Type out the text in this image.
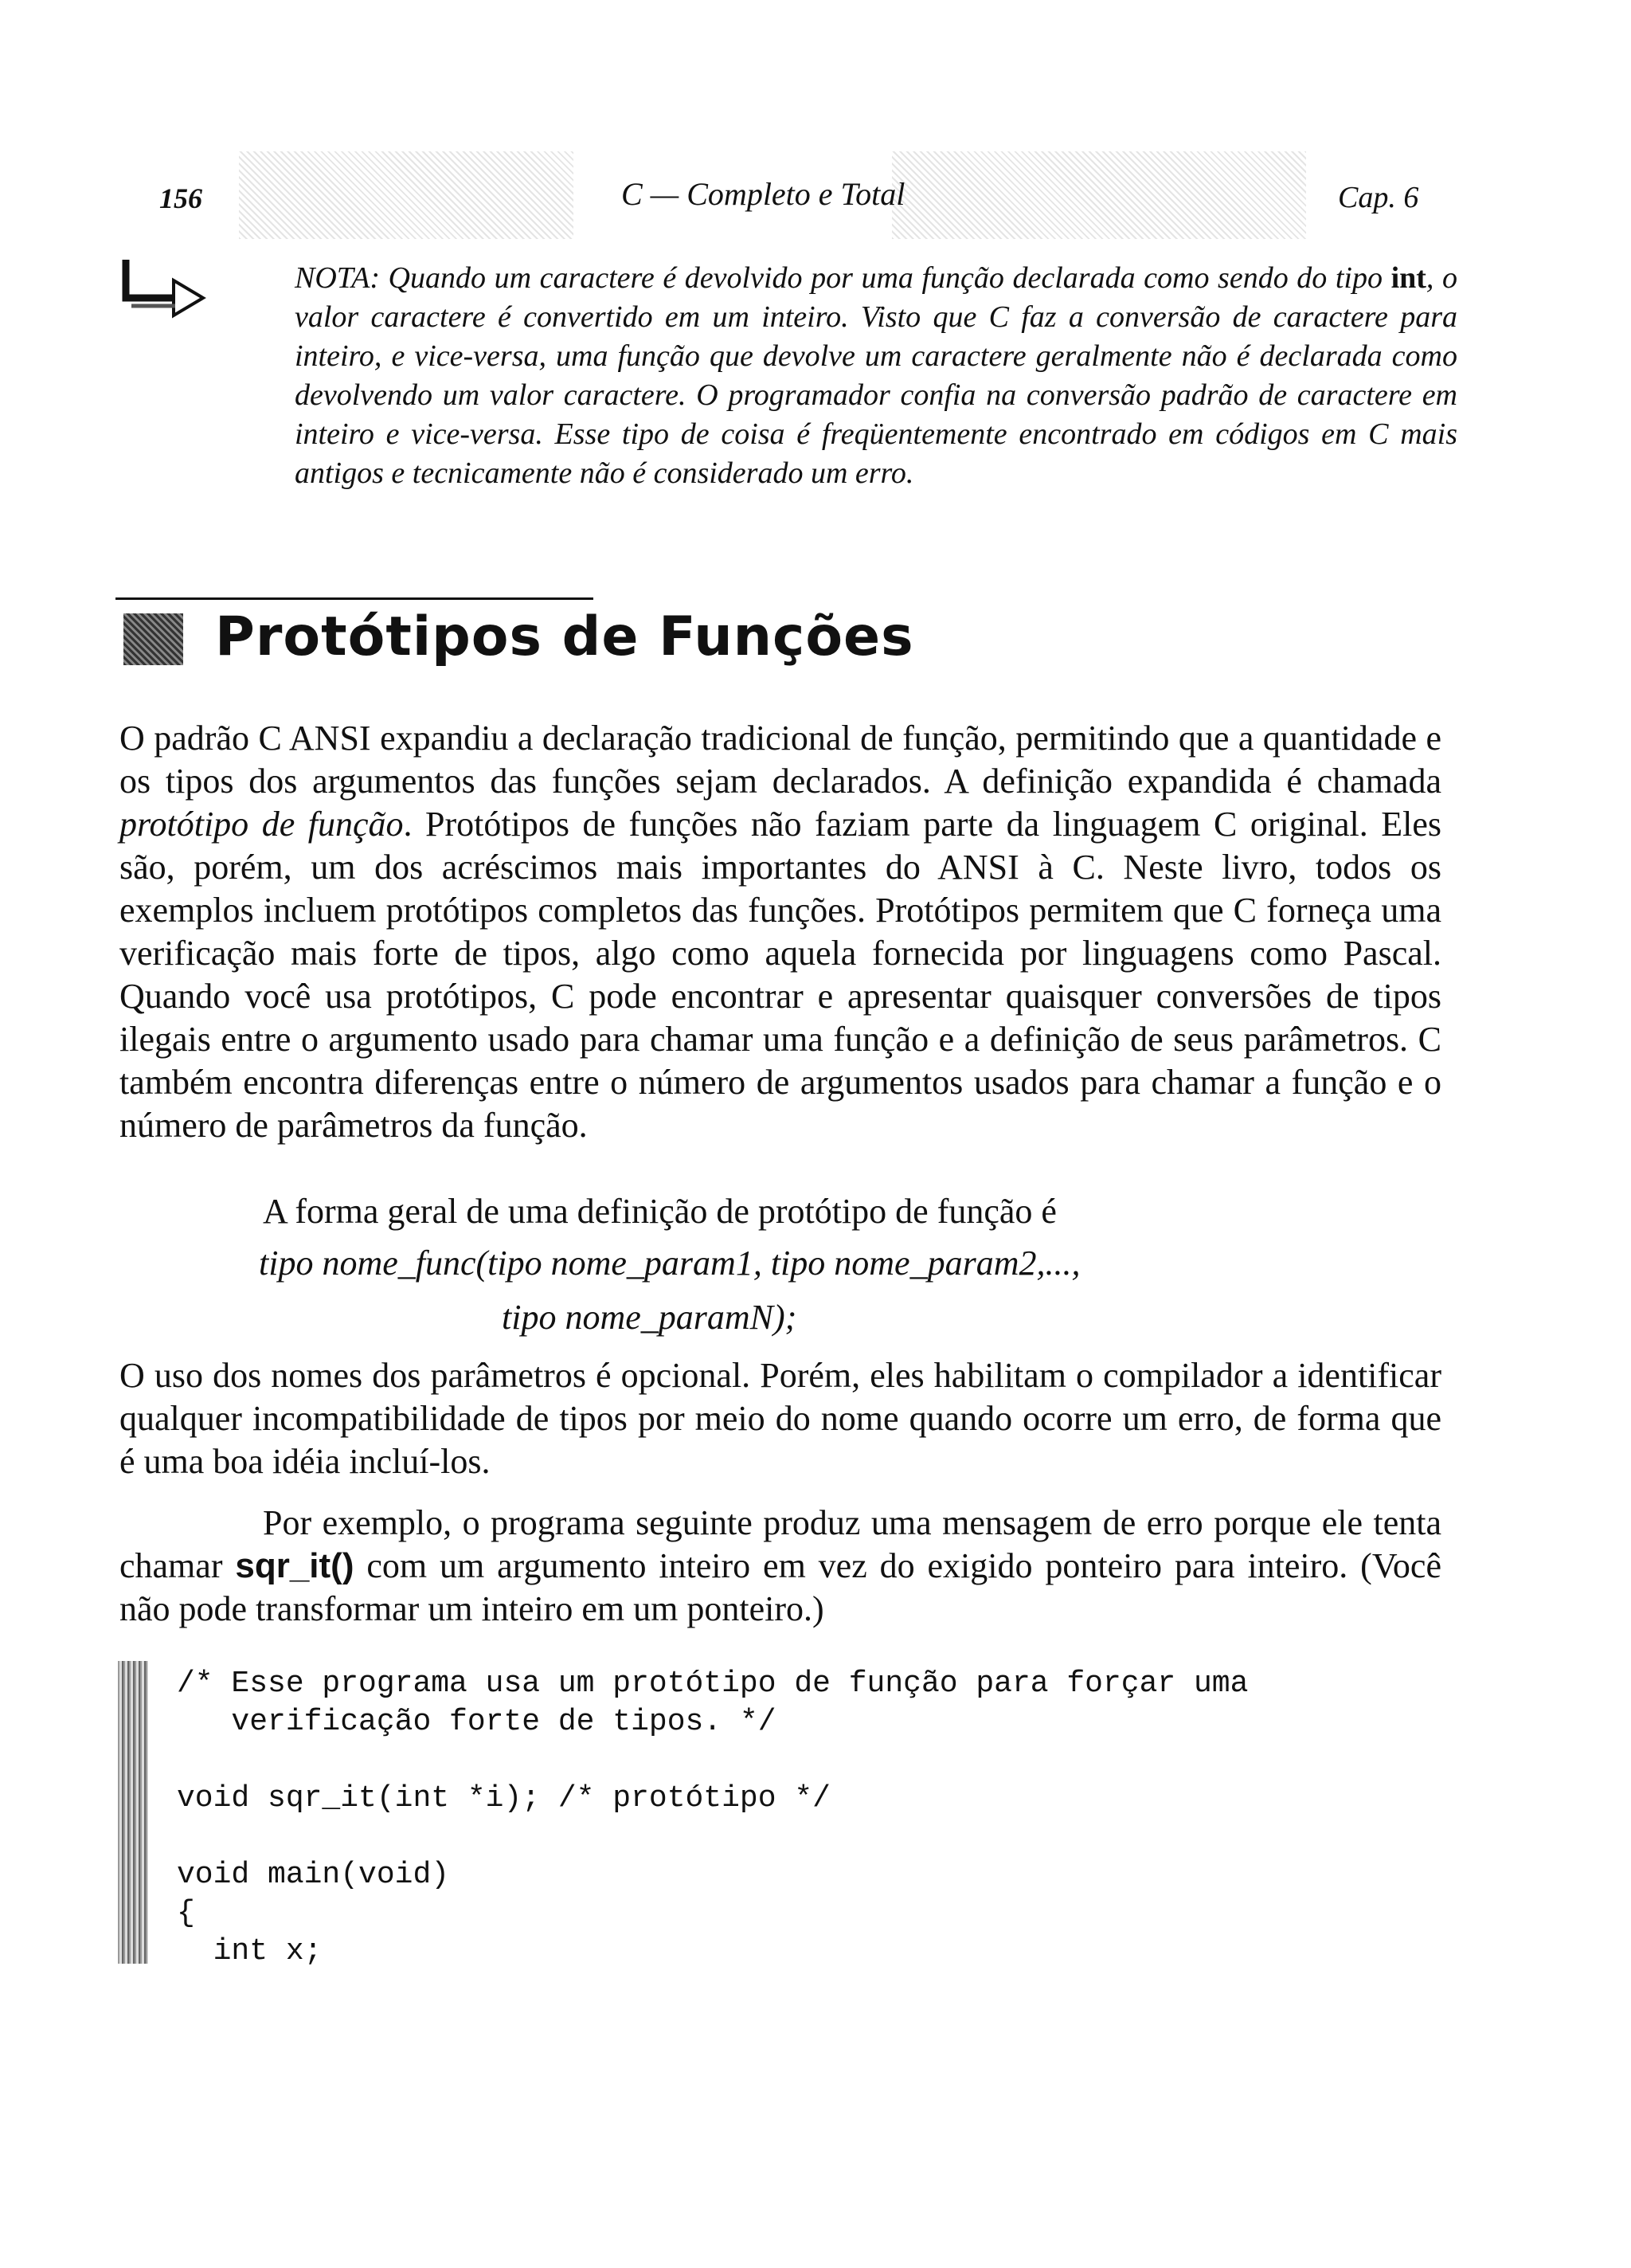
156	C — Completo e Total	Cap. 6
NOTA: Quando um caractere é devolvido por uma função declarada como sendo do tipo int, o valor caractere é convertido em um inteiro. Visto que C faz a conversão de caractere para inteiro, e vice-versa, uma função que devolve um caractere geralmente não é declarada como devolvendo um valor caractere. O programador confia na conversão padrão de caractere em inteiro e vice-versa. Esse tipo de coisa é freqüentemente encontrado em códigos em C mais antigos e tecnicamente não é considerado um erro.
Protótipos de Funções
O padrão C ANSI expandiu a declaração tradicional de função, permitindo que a quantidade e os tipos dos argumentos das funções sejam declarados. A definição expandida é chamada protótipo de função. Protótipos de funções não faziam parte da linguagem C original. Eles são, porém, um dos acréscimos mais importantes do ANSI à C. Neste livro, todos os exemplos incluem protótipos completos das funções. Protótipos permitem que C forneça uma verificação mais forte de tipos, algo como aquela fornecida por linguagens como Pascal. Quando você usa protótipos, C pode encontrar e apresentar quaisquer conversões de tipos ilegais entre o argumento usado para chamar uma função e a definição de seus parâmetros. C também encontra diferenças entre o número de argumentos usados para chamar a função e o número de parâmetros da função.
A forma geral de uma definição de protótipo de função é
tipo nome_func(tipo nome_param1, tipo nome_param2,...,
tipo nome_paramN);
O uso dos nomes dos parâmetros é opcional. Porém, eles habilitam o compilador a identificar qualquer incompatibilidade de tipos por meio do nome quando ocorre um erro, de forma que é uma boa idéia incluí-los.
Por exemplo, o programa seguinte produz uma mensagem de erro porque ele tenta chamar sqr_it() com um argumento inteiro em vez do exigido ponteiro para inteiro. (Você não pode transformar um inteiro em um ponteiro.)
/* Esse programa usa um protótipo de função para forçar uma
verificação forte de tipos. */

void sqr_it(int *i); /* protótipo */

void main(void)
{
int x;
